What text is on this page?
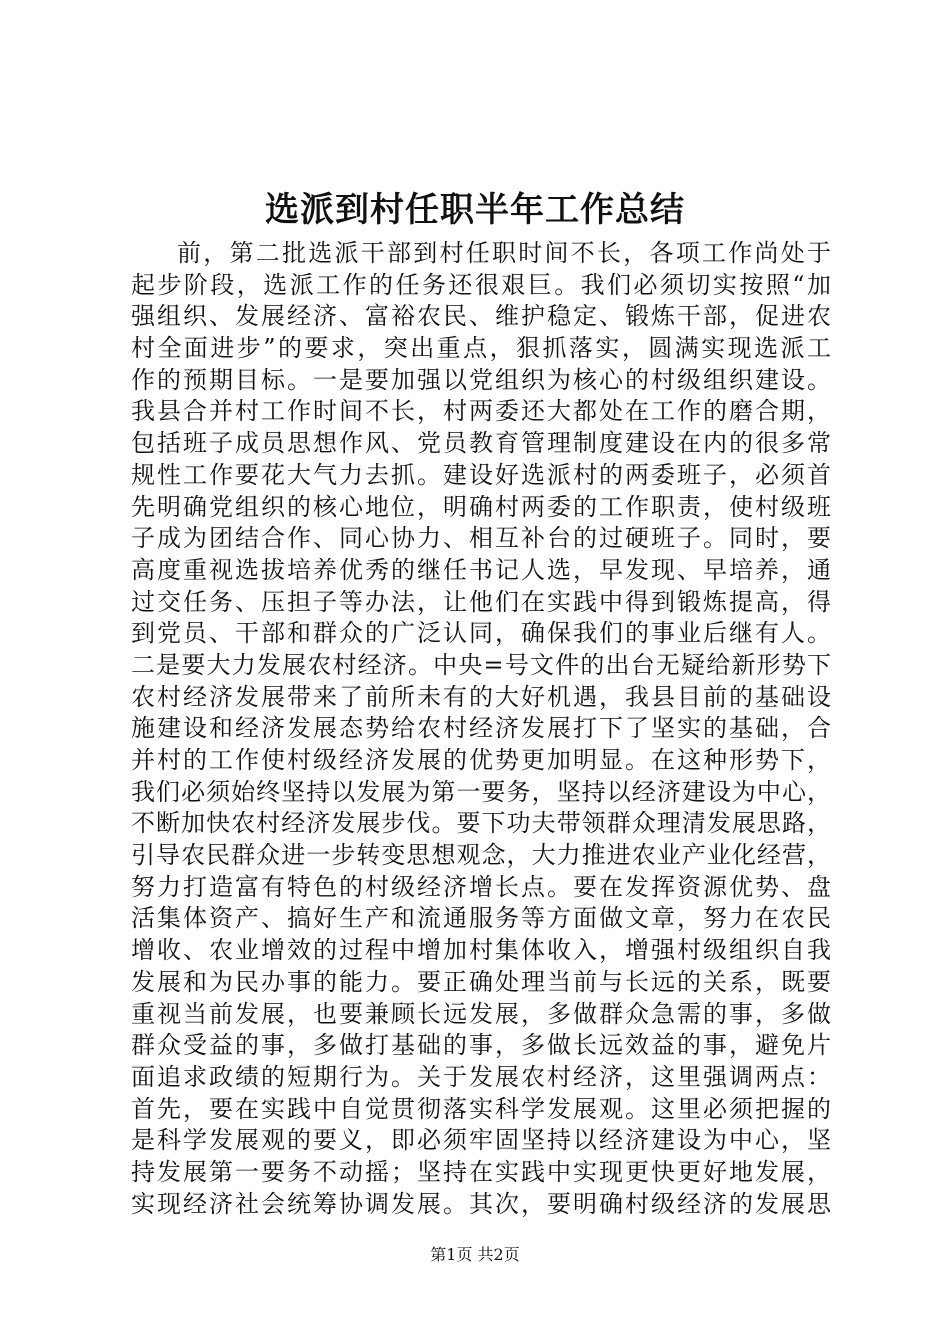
选派到村任职半年工作总结
前，第二批选派干部到村任职时间不长，各项工作尚处于
起步阶段，选派工作的任务还很艰巨。我们必须切实按照“加
强组织、发展经济、富裕农民、维护稳定、锻炼干部，促进农
村全面进步”的要求，突出重点，狠抓落实，圆满实现选派工
作的预期目标。一是要加强以党组织为核心的村级组织建设。
我县合并村工作时间不长，村两委还大都处在工作的磨合期，
包括班子成员思想作风、党员教育管理制度建设在内的很多常
规性工作要花大气力去抓。建设好选派村的两委班子，必须首
先明确党组织的核心地位，明确村两委的工作职责，使村级班
子成为团结合作、同心协力、相互补台的过硬班子。同时，要
高度重视选拔培养优秀的继任书记人选，早发现、早培养，通
过交任务、压担子等办法，让他们在实践中得到锻炼提高，得
到党员、干部和群众的广泛认同，确保我们的事业后继有人。
二是要大力发展农村经济。中央=号文件的出台无疑给新形势下
农村经济发展带来了前所未有的大好机遇，我县目前的基础设
施建设和经济发展态势给农村经济发展打下了坚实的基础，合
并村的工作使村级经济发展的优势更加明显。在这种形势下，
我们必须始终坚持以发展为第一要务，坚持以经济建设为中心，
不断加快农村经济发展步伐。要下功夫带领群众理清发展思路，
引导农民群众进一步转变思想观念，大力推进农业产业化经营，
努力打造富有特色的村级经济增长点。要在发挥资源优势、盘
活集体资产、搞好生产和流通服务等方面做文章，努力在农民
增收、农业增效的过程中增加村集体收入，增强村级组织自我
发展和为民办事的能力。要正确处理当前与长远的关系，既要
重视当前发展，也要兼顾长远发展，多做群众急需的事，多做
群众受益的事，多做打基础的事，多做长远效益的事，避免片
面追求政绩的短期行为。关于发展农村经济，这里强调两点：
首先，要在实践中自觉贯彻落实科学发展观。这里必须把握的
是科学发展观的要义，即必须牢固坚持以经济建设为中心，坚
持发展第一要务不动摇；坚持在实践中实现更快更好地发展，
实现经济社会统筹协调发展。其次，要明确村级经济的发展思
第1页 共2页
